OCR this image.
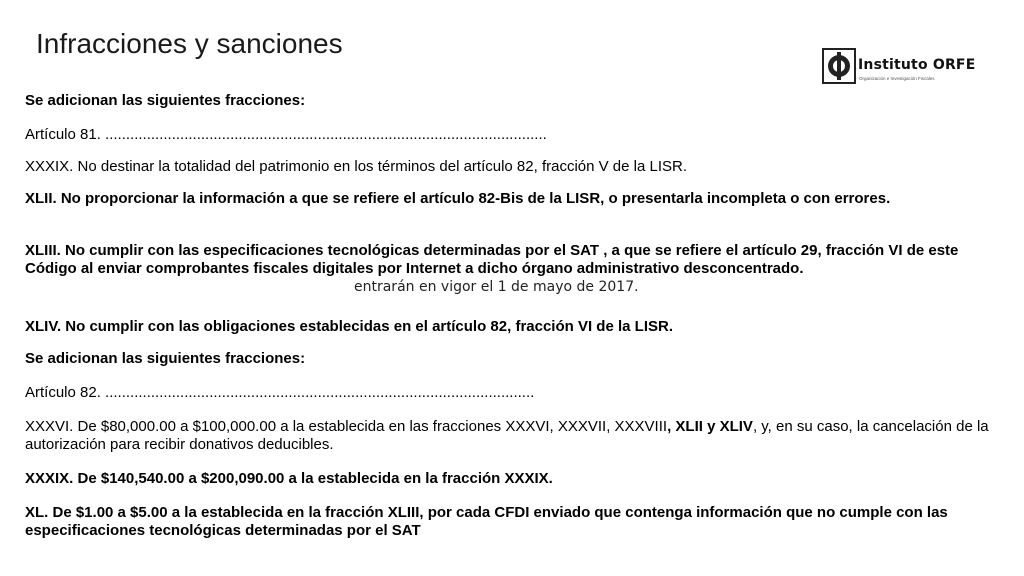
Infracciones y sanciones
Instituto ORFE
Organización e Investigación Fiscales

Se adicionan las siguientes fracciones:

Artículo 81. ..........................................................................................................

XXXIX. No destinar la totalidad del patrimonio en los términos del artículo 82, fracción V de la LISR.

XLII. No proporcionar la información a que se refiere el artículo 82-Bis de la LISR, o presentarla incompleta o con errores.

XLIII. No cumplir con las especificaciones tecnológicas determinadas por el SAT , a que se refiere el artículo 29, fracción VI de este Código al enviar comprobantes fiscales digitales por Internet a dicho órgano administrativo desconcentrado.

XLIV. No cumplir con las obligaciones establecidas en el artículo 82, fracción VI de la LISR.

Se adicionan las siguientes fracciones:

Artículo 82. .......................................................................................................

XXXVI. De $80,000.00 a $100,000.00 a la establecida en las fracciones XXXVI, XXXVII, XXXVIII, XLII y XLIV, y, en su caso, la cancelación de la autorización para recibir donativos deducibles.

XXXIX. De $140,540.00 a $200,090.00 a la establecida en la fracción XXXIX.

XL. De $1.00 a $5.00 a la establecida en la fracción XLIII, por cada CFDI enviado que contenga información que no cumple con las especificaciones tecnológicas determinadas por el SAT

entrarán en vigor el 1 de mayo de 2017.
